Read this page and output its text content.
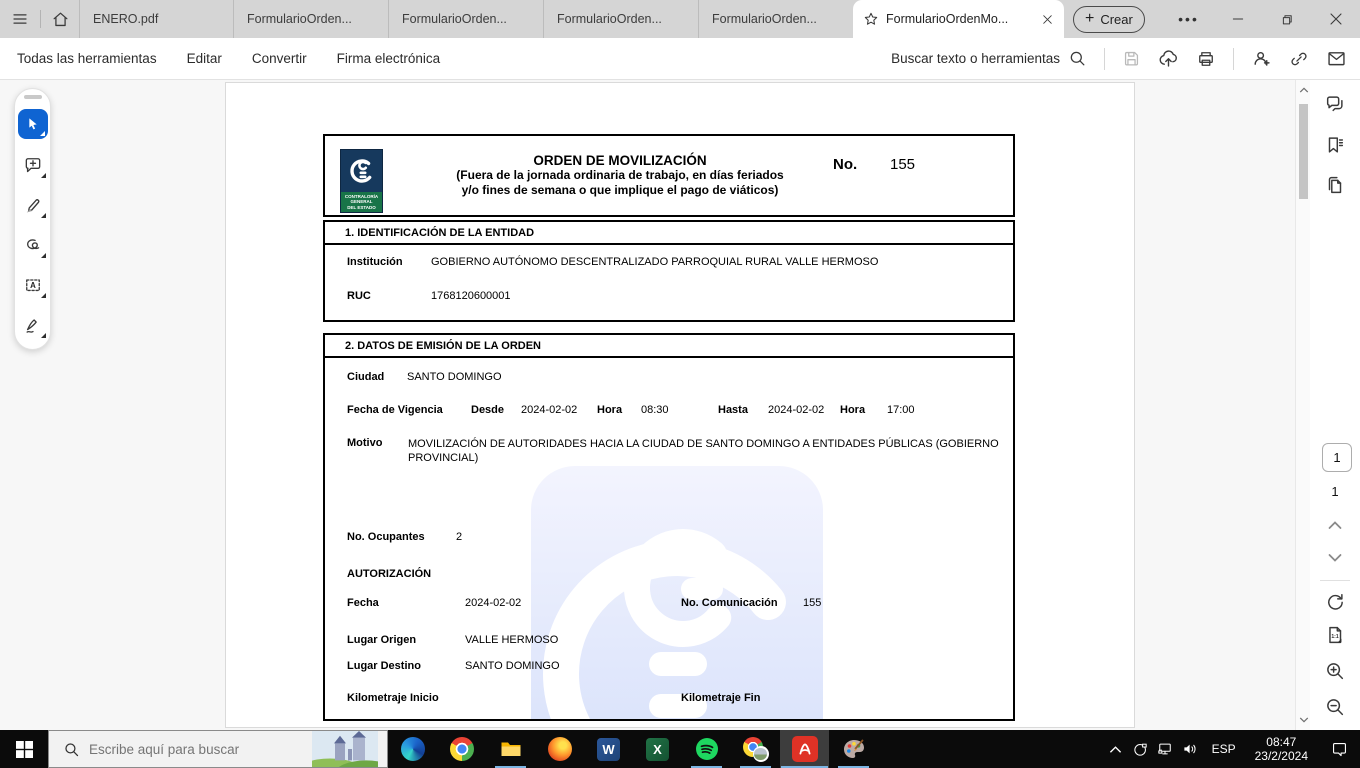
ENERO.pdf	FormularioOrden...	FormularioOrden...	FormularioOrden...	FormularioOrden...	FormularioOrdenMo...	+ Crear	•••
Todas las herramientas Editar Convertir Firma electrónica	Buscar texto o herramientas
CONTRALORÍA
GENERAL
DEL ESTADO
ORDEN DE MOVILIZACIÓN
(Fuera de la jornada ordinaria de trabajo, en días feriados
y/o fines de semana o que implique el pago de viáticos)
No. 155
1. IDENTIFICACIÓN DE LA ENTIDAD
Institución	GOBIERNO AUTÓNOMO DESCENTRALIZADO PARROQUIAL RURAL VALLE HERMOSO
RUC	1768120600001
2. DATOS DE EMISIÓN DE LA ORDEN
Ciudad SANTO DOMINGO
Fecha de Vigencia	Desde 2024-02-02 Hora 08:30	Hasta 2024-02-02 Hora 17:00
Motivo MOVILIZACIÓN DE AUTORIDADES HACIA LA CIUDAD DE SANTO DOMINGO A ENTIDADES PÚBLICAS (GOBIERNO PROVINCIAL)
No. Ocupantes	2
AUTORIZACIÓN
Fecha	2024-02-02	No. Comunicación 155
Lugar Origen	VALLE HERMOSO
Lugar Destino	SANTO DOMINGO
Kilometraje Inicio	Kilometraje Fin
A
1
1
1:1
Escribe aquí para buscar
W	X	ESP
08:47
23/2/2024
